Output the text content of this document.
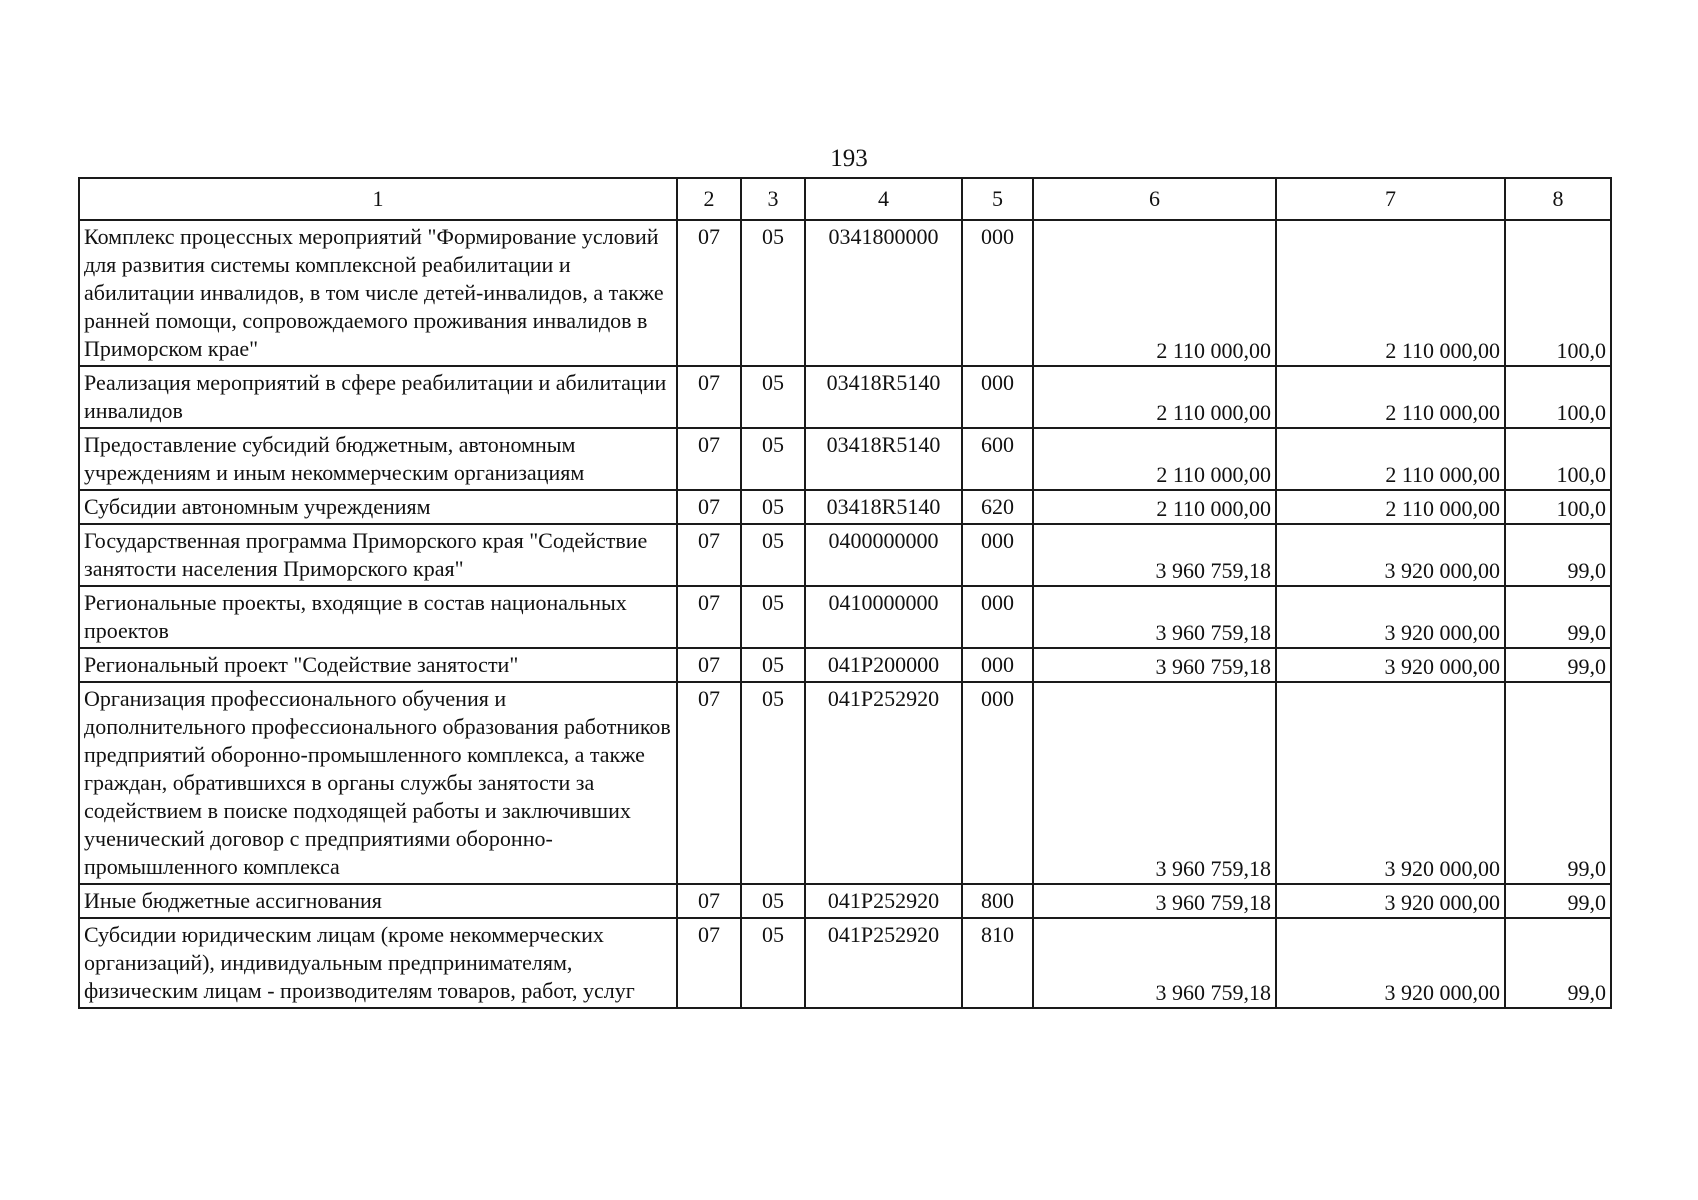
193
1	2	3	4	5	6	7	8
Комплекс процессных мероприятий "Формирование условий для развития системы комплексной реабилитации и абилитации инвалидов, в том числе детей-инвалидов, а также ранней помощи, сопровождаемого проживания инвалидов в Приморском крае"	07	05	0341800000	000	2 110 000,00	2 110 000,00	100,0
Реализация мероприятий в сфере реабилитации и абилитации инвалидов	07	05	03418R5140	000	2 110 000,00	2 110 000,00	100,0
Предоставление субсидий бюджетным, автономным учреждениям и иным некоммерческим организациям	07	05	03418R5140	600	2 110 000,00	2 110 000,00	100,0
Субсидии автономным учреждениям	07	05	03418R5140	620	2 110 000,00	2 110 000,00	100,0
Государственная программа Приморского края "Содействие занятости населения Приморского края"	07	05	0400000000	000	3 960 759,18	3 920 000,00	99,0
Региональные проекты, входящие в состав национальных проектов	07	05	0410000000	000	3 960 759,18	3 920 000,00	99,0
Региональный проект "Содействие занятости"	07	05	041P200000	000	3 960 759,18	3 920 000,00	99,0
Организация профессионального обучения и дополнительного профессионального образования работников предприятий оборонно-промышленного комплекса, а также граждан, обратившихся в органы службы занятости за содействием в поиске подходящей работы и заключивших ученический договор с предприятиями оборонно-промышленного комплекса	07	05	041P252920	000	3 960 759,18	3 920 000,00	99,0
Иные бюджетные ассигнования	07	05	041P252920	800	3 960 759,18	3 920 000,00	99,0
Субсидии юридическим лицам (кроме некоммерческих организаций), индивидуальным предпринимателям, физическим лицам - производителям товаров, работ, услуг	07	05	041P252920	810	3 960 759,18	3 920 000,00	99,0
